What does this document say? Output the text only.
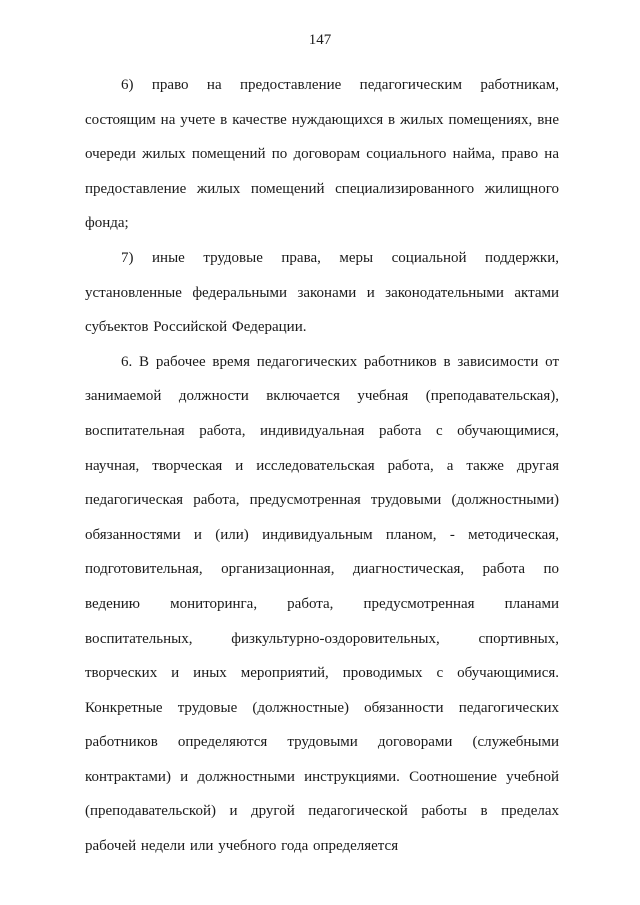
147

6) право на предоставление педагогическим работникам, состоящим на учете в качестве нуждающихся в жилых помещениях, вне очереди жилых помещений по договорам социального найма, право на предоставление жилых помещений специализированного жилищного фонда;

7) иные трудовые права, меры социальной поддержки, установленные федеральными законами и законодательными актами субъектов Российской Федерации.

6. В рабочее время педагогических работников в зависимости от занимаемой должности включается учебная (преподавательская), воспитательная работа, индивидуальная работа с обучающимися, научная, творческая и исследовательская работа, а также другая педагогическая работа, предусмотренная трудовыми (должностными) обязанностями и (или) индивидуальным планом, - методическая, подготовительная, организационная, диагностическая, работа по ведению мониторинга, работа, предусмотренная планами воспитательных, физкультурно-оздоровительных, спортивных, творческих и иных мероприятий, проводимых с обучающимися. Конкретные трудовые (должностные) обязанности педагогических работников определяются трудовыми договорами (служебными контрактами) и должностными инструкциями. Соотношение учебной (преподавательской) и другой педагогической работы в пределах рабочей недели или учебного года определяется
